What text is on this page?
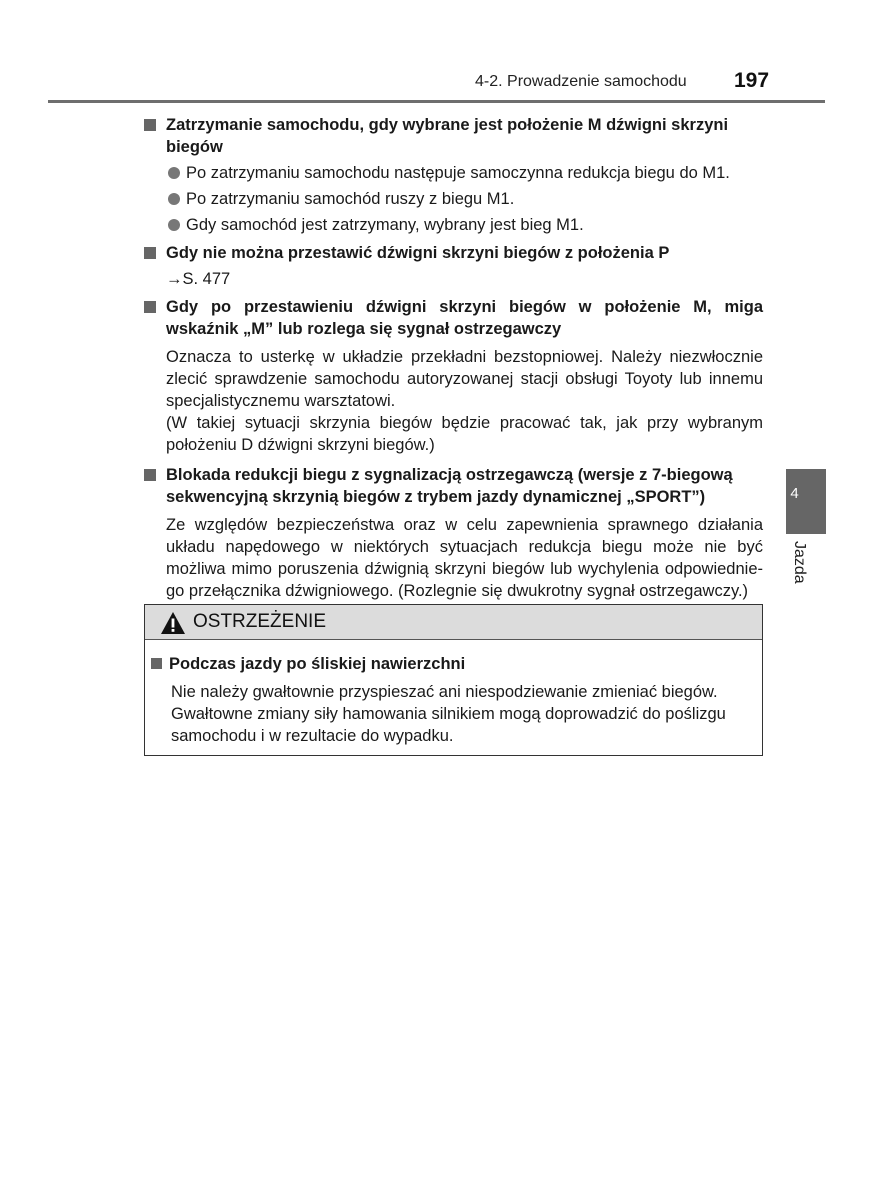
4-2. Prowadzenie samochodu 197
Zatrzymanie samochodu, gdy wybrane jest położenie M dźwigni skrzyni biegów
Po zatrzymaniu samochodu następuje samoczynna redukcja biegu do M1.
Po zatrzymaniu samochód ruszy z biegu M1.
Gdy samochód jest zatrzymany, wybrany jest bieg M1.
Gdy nie można przestawić dźwigni skrzyni biegów z położenia P
→S. 477
Gdy po przestawieniu dźwigni skrzyni biegów w położenie M, miga wskaźnik „M” lub rozlega się sygnał ostrzegawczy
Oznacza to usterkę w układzie przekładni bezstopniowej. Należy niezwłocznie zlecić sprawdzenie samochodu autoryzowanej stacji obsługi Toyoty lub innemu specjalistycznemu warsztatowi.
(W takiej sytuacji skrzynia biegów będzie pracować tak, jak przy wybranym położeniu D dźwigni skrzyni biegów.)
Blokada redukcji biegu z sygnalizacją ostrzegawczą (wersje z 7-biegową sekwencyjną skrzynią biegów z trybem jazdy dynamicznej „SPORT”)
Ze względów bezpieczeństwa oraz w celu zapewnienia sprawnego działania układu napędowego w niektórych sytuacjach redukcja biegu może nie być możliwa mimo poruszenia dźwignią skrzyni biegów lub wychylenia odpowiednie-go przełącznika dźwigniowego. (Rozlegnie się dwukrotny sygnał ostrzegawczy.)
OSTRZEŻENIE
Podczas jazdy po śliskiej nawierzchni
Nie należy gwałtownie przyspieszać ani niespodziewanie zmieniać biegów. Gwałtowne zmiany siły hamowania silnikiem mogą doprowadzić do poślizgu samochodu i w rezultacie do wypadku.
4
Jazda
